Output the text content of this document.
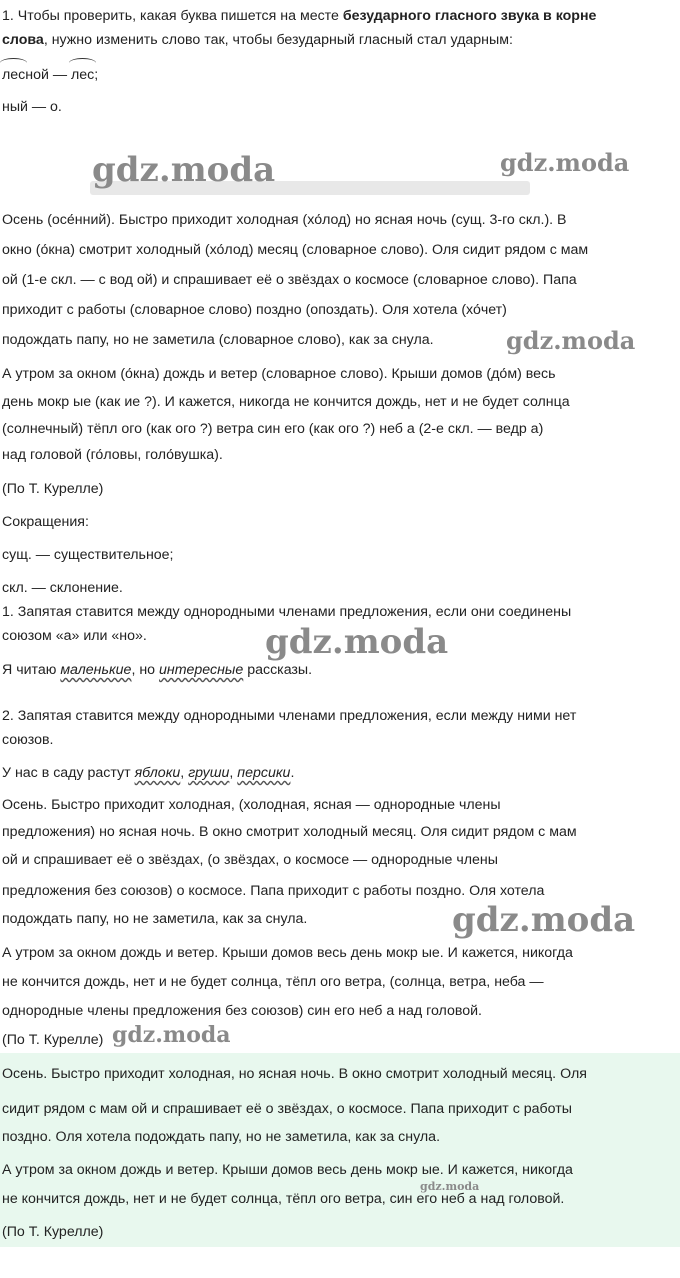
1. Чтобы проверить, какая буква пишется на месте безударного гласного звука в корне
слова, нужно изменить слово так, чтобы безударный гласный стал ударным:
лесной — лес;
ный — о.
gdz.moda	gdz.moda
gdz.moda
gdz.moda
gdz.moda
gdz.moda
gdz.moda
Осень (осе́нний). Быстро приходит холодная (хо́лод) но ясная ночь (сущ. 3-го скл.). В
окно (о́кна) смотрит холодный (хо́лод) месяц (словарное слово). Оля сидит рядом с мам
ой (1-е скл. — с вод ой) и спрашивает её о звёздах о космосе (словарное слово). Папа
приходит с работы (словарное слово) поздно (опоздать). Оля хотела (хо́чет)
подождать папу, но не заметила (словарное слово), как за снула.
А утром за окном (о́кна) дождь и ветер (словарное слово). Крыши домов (до́м) весь
день мокр ые (как ие ?). И кажется, никогда не кончится дождь, нет и не будет солнца
(солнечный) тёпл ого (как ого ?) ветра син его (как ого ?) неб а (2-е скл. — ведр а)
над головой (го́ловы, голо́вушка).
(По Т. Курелле)
Сокращения:
сущ. — существительное;
скл. — склонение.
1. Запятая ставится между однородными членами предложения, если они соединены
союзом «а» или «но».
Я читаю маленькие, но интересные рассказы.
2. Запятая ставится между однородными членами предложения, если между ними нет
союзов.
У нас в саду растут яблоки, груши, персики.
Осень. Быстро приходит холодная, (холодная, ясная — однородные члены
предложения) но ясная ночь. В окно смотрит холодный месяц. Оля сидит рядом с мам
ой и спрашивает её о звёздах, (о звёздах, о космосе — однородные члены
предложения без союзов) о космосе. Папа приходит с работы поздно. Оля хотела
подождать папу, но не заметила, как за снула.
А утром за окном дождь и ветер. Крыши домов весь день мокр ые. И кажется, никогда
не кончится дождь, нет и не будет солнца, тёпл ого ветра, (солнца, ветра, неба —
однородные члены предложения без союзов) син его неб а над головой.
(По Т. Курелле)
Осень. Быстро приходит холодная, но ясная ночь. В окно смотрит холодный месяц. Оля
сидит рядом с мам ой и спрашивает её о звёздах, о космосе. Папа приходит с работы
поздно. Оля хотела подождать папу, но не заметила, как за снула.
А утром за окном дождь и ветер. Крыши домов весь день мокр ые. И кажется, никогда
не кончится дождь, нет и не будет солнца, тёпл ого ветра, син его неб а над головой.
(По Т. Курелле)
